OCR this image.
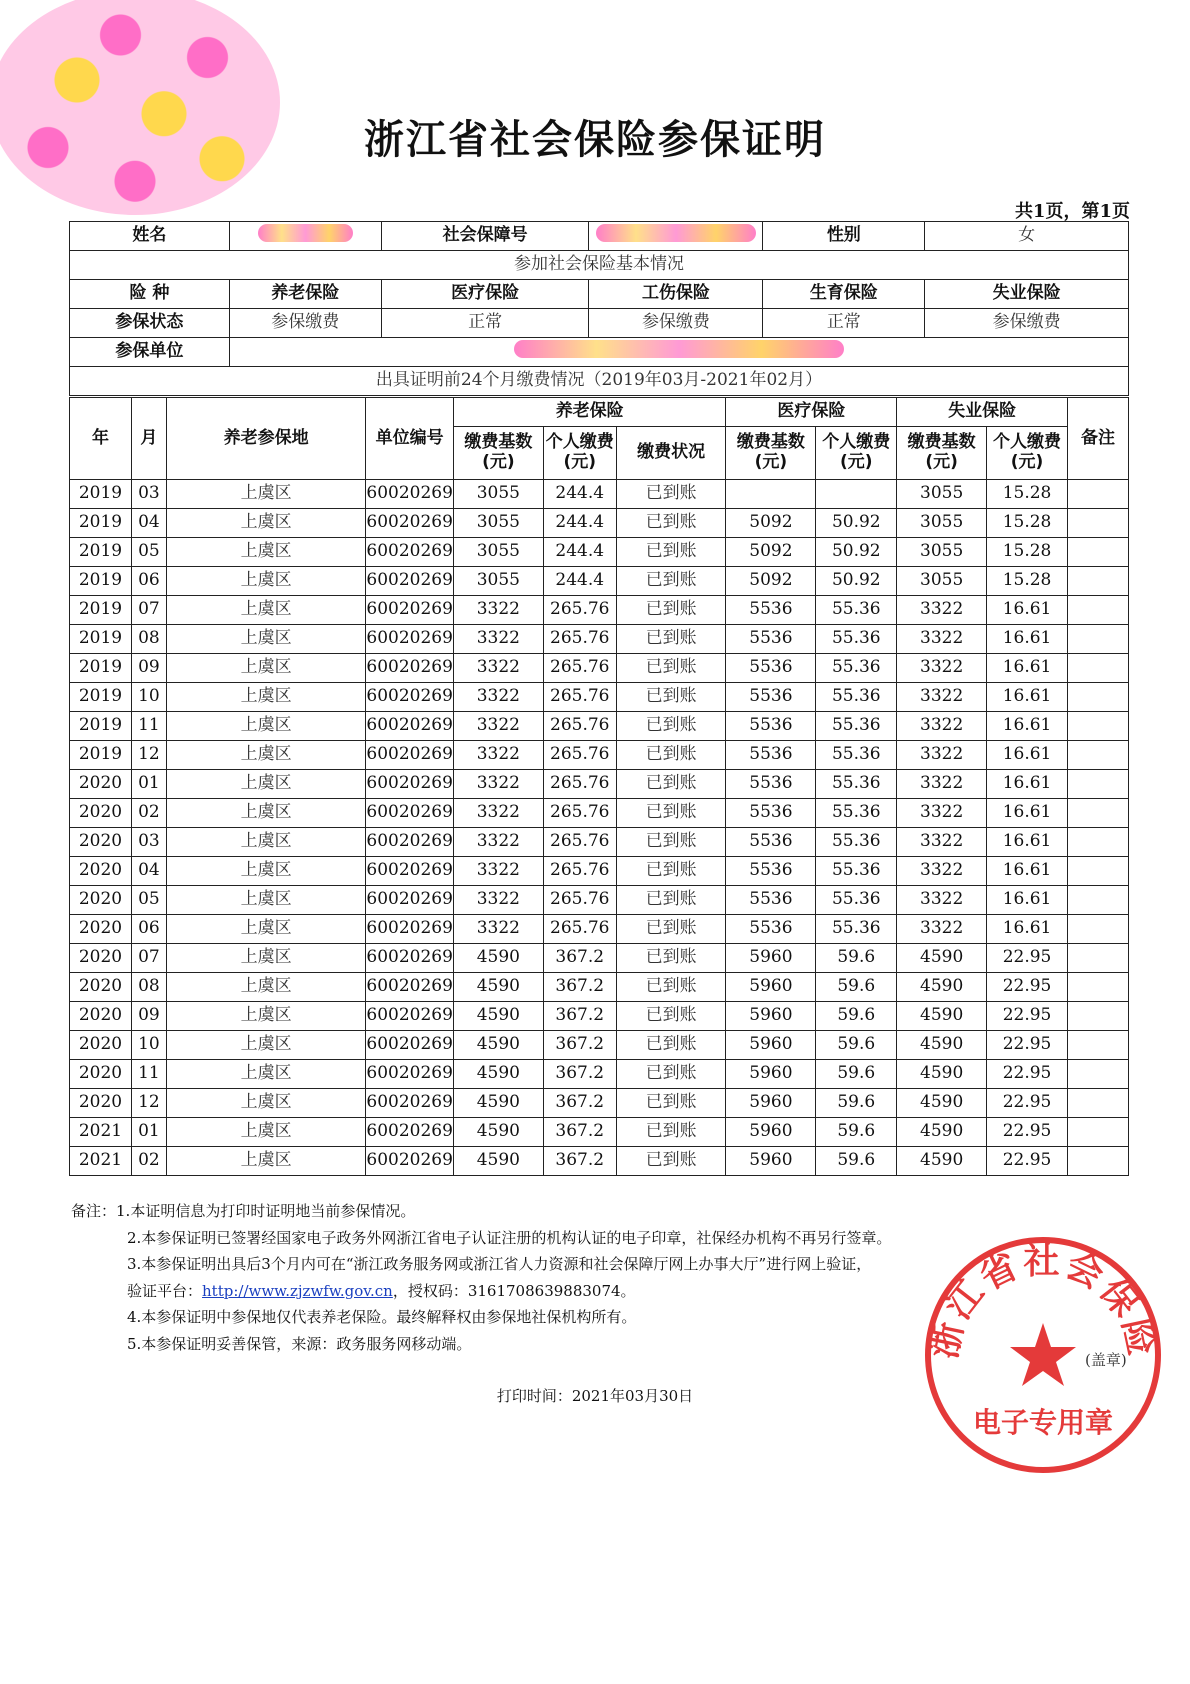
浙江省社会保险参保证明
共1页，第1页
姓名		社会保障号		性别	女
参加社会保险基本情况					
险 种	养老保险	医疗保险	工伤保险	生育保险	失业保险
参保状态	参保缴费	正常	参保缴费	正常	参保缴费
参保单位					
出具证明前24个月缴费情况（2019年03月-2021年02月）					
年	月	养老参保地	单位编号	养老保险			医疗保险		失业保险		备注
				缴费基数(元)	个人缴费(元)	缴费状况	缴费基数(元)	个人缴费(元)	缴费基数(元)	个人缴费(元)	
2019	03	上虞区	60020269	3055	244.4	已到账			3055	15.28	
2019	04	上虞区	60020269	3055	244.4	已到账	5092	50.92	3055	15.28	
2019	05	上虞区	60020269	3055	244.4	已到账	5092	50.92	3055	15.28	
2019	06	上虞区	60020269	3055	244.4	已到账	5092	50.92	3055	15.28	
2019	07	上虞区	60020269	3322	265.76	已到账	5536	55.36	3322	16.61	
2019	08	上虞区	60020269	3322	265.76	已到账	5536	55.36	3322	16.61	
2019	09	上虞区	60020269	3322	265.76	已到账	5536	55.36	3322	16.61	
2019	10	上虞区	60020269	3322	265.76	已到账	5536	55.36	3322	16.61	
2019	11	上虞区	60020269	3322	265.76	已到账	5536	55.36	3322	16.61	
2019	12	上虞区	60020269	3322	265.76	已到账	5536	55.36	3322	16.61	
2020	01	上虞区	60020269	3322	265.76	已到账	5536	55.36	3322	16.61	
2020	02	上虞区	60020269	3322	265.76	已到账	5536	55.36	3322	16.61	
2020	03	上虞区	60020269	3322	265.76	已到账	5536	55.36	3322	16.61	
2020	04	上虞区	60020269	3322	265.76	已到账	5536	55.36	3322	16.61	
2020	05	上虞区	60020269	3322	265.76	已到账	5536	55.36	3322	16.61	
2020	06	上虞区	60020269	3322	265.76	已到账	5536	55.36	3322	16.61	
2020	07	上虞区	60020269	4590	367.2	已到账	5960	59.6	4590	22.95	
2020	08	上虞区	60020269	4590	367.2	已到账	5960	59.6	4590	22.95	
2020	09	上虞区	60020269	4590	367.2	已到账	5960	59.6	4590	22.95	
2020	10	上虞区	60020269	4590	367.2	已到账	5960	59.6	4590	22.95	
2020	11	上虞区	60020269	4590	367.2	已到账	5960	59.6	4590	22.95	
2020	12	上虞区	60020269	4590	367.2	已到账	5960	59.6	4590	22.95	
2021	01	上虞区	60020269	4590	367.2	已到账	5960	59.6	4590	22.95	
2021	02	上虞区	60020269	4590	367.2	已到账	5960	59.6	4590	22.95	
备注：1.本证明信息为打印时证明地当前参保情况。
2.本参保证明已签署经国家电子政务外网浙江省电子认证注册的机构认证的电子印章，社保经办机构不再另行签章。
3.本参保证明出具后3个月内可在“浙江政务服务网或浙江省人力资源和社会保障厅网上办事大厅”进行网上验证，
验证平台：http://www.zjzwfw.gov.cn，授权码：3161708639883074。
4.本参保证明中参保地仅代表养老保险。最终解释权由参保地社保机构所有。
5.本参保证明妥善保管，来源：政务服务网移动端。
打印时间：2021年03月30日
浙江省社会保险
(盖章)
电子专用章
